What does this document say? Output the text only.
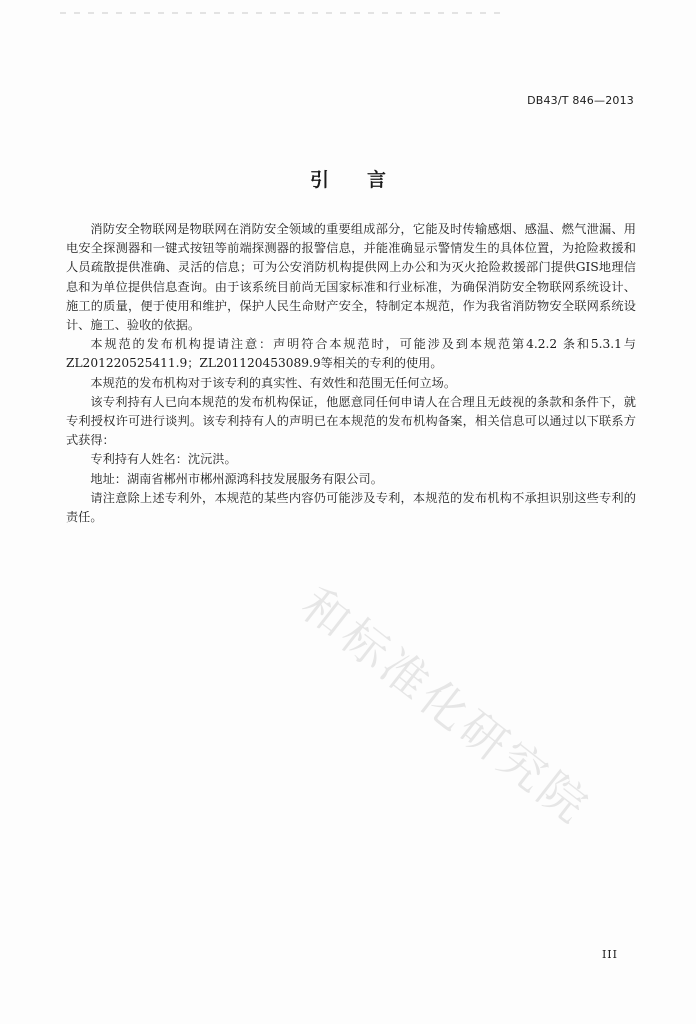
DB43/T 846—2013
引言

消防安全物联网是物联网在消防安全领域的重要组成部分，它能及时传输感烟、感温、燃气泄漏、用电安全探测器和一键式按钮等前端探测器的报警信息，并能准确显示警情发生的具体位置，为抢险救援和人员疏散提供准确、灵活的信息；可为公安消防机构提供网上办公和为灭火抢险救援部门提供GIS地理信息和为单位提供信息查询。由于该系统目前尚无国家标准和行业标准，为确保消防安全物联网系统设计、施工的质量，便于使用和维护，保护人民生命财产安全，特制定本规范，作为我省消防物安全联网系统设计、施工、验收的依据。

本规范的发布机构提请注意：声明符合本规范时，可能涉及到本规范第4.2.2 条和5.3.1与ZL201220525411.9；ZL201120453089.9等相关的专利的使用。

本规范的发布机构对于该专利的真实性、有效性和范围无任何立场。

该专利持有人已向本规范的发布机构保证，他愿意同任何申请人在合理且无歧视的条款和条件下，就专利授权许可进行谈判。该专利持有人的声明已在本规范的发布机构备案，相关信息可以通过以下联系方式获得：

专利持有人姓名：沈沅洪。

地址：湖南省郴州市郴州源鸿科技发展服务有限公司。

请注意除上述专利外，本规范的某些内容仍可能涉及专利，本规范的发布机构不承担识别这些专利的责任。

和标准化研究院
III
